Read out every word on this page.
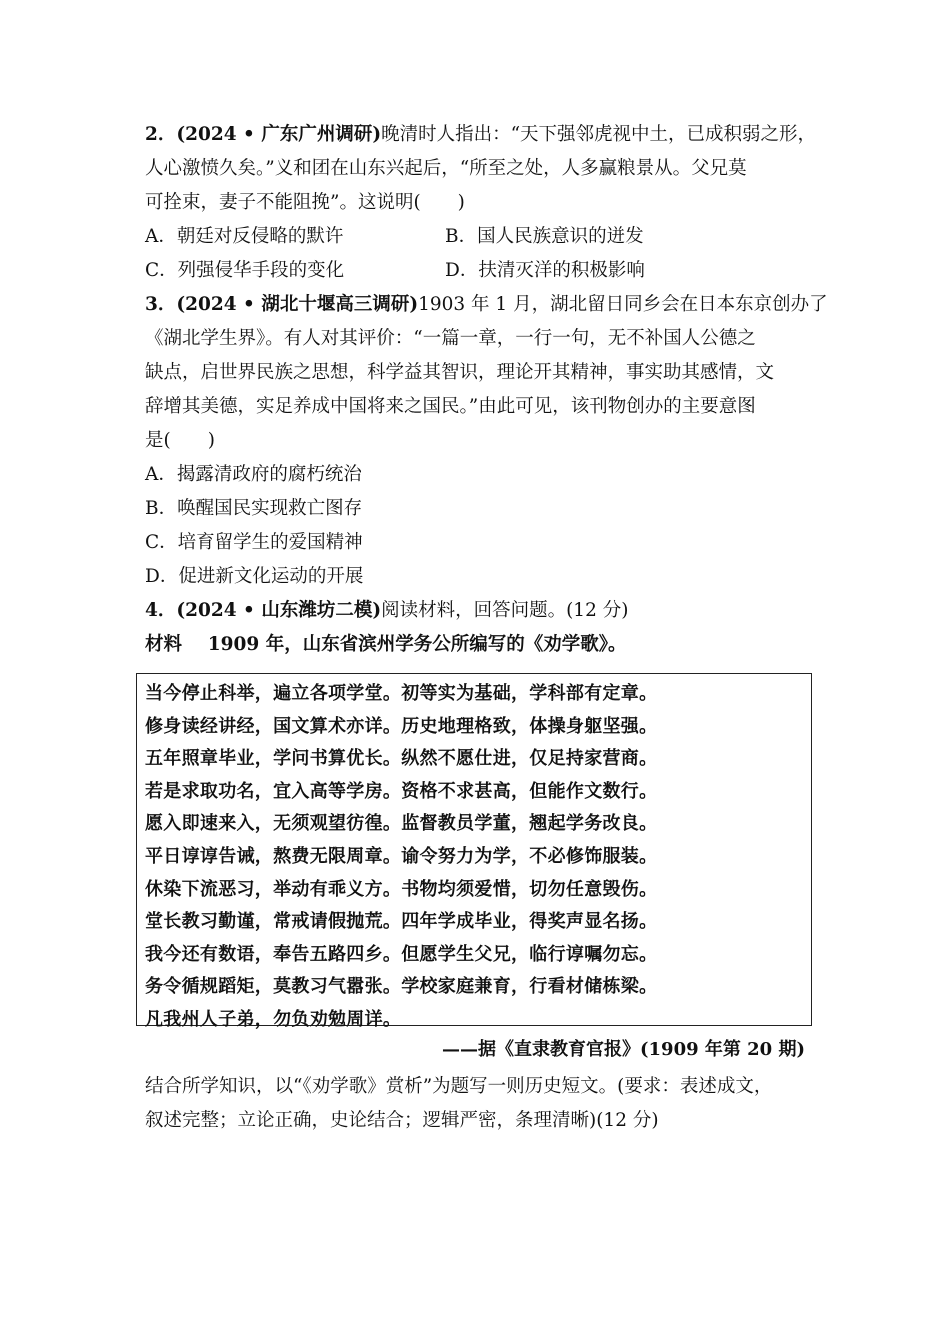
2．(2024 • 广东广州调研)晚清时人指出：“天下强邻虎视中土，已成积弱之形，
人心激愤久矣。”义和团在山东兴起后，“所至之处，人多赢粮景从。父兄莫
可拴束，妻子不能阻挽”。这说明(　　)
A．朝廷对反侵略的默许	B．国人民族意识的迸发
C．列强侵华手段的变化	D．扶清灭洋的积极影响
3．(2024 • 湖北十堰高三调研)1903 年 1 月，湖北留日同乡会在日本东京创办了
《湖北学生界》。有人对其评价：“一篇一章，一行一句，无不补国人公德之
缺点，启世界民族之思想，科学益其智识，理论开其精神，事实助其感情，文
辞增其美德，实足养成中国将来之国民。”由此可见，该刊物创办的主要意图
是(　　)
A．揭露清政府的腐朽统治
B．唤醒国民实现救亡图存
C．培育留学生的爱国精神
D．促进新文化运动的开展
4．(2024 • 山东潍坊二模)阅读材料，回答问题。(12 分)
材料 1909 年，山东省滨州学务公所编写的《劝学歌》。
当今停止科举，遍立各项学堂。初等实为基础，学科部有定章。
修身读经讲经，国文算术亦详。历史地理格致，体操身躯坚强。
五年照章毕业，学问书算优长。纵然不愿仕进，仅足持家营商。
若是求取功名，宜入高等学房。资格不求甚高，但能作文数行。
愿入即速来入，无须观望彷徨。监督教员学董，翘起学务改良。
平日谆谆告诫，熬费无限周章。谕令努力为学，不必修饰服装。
休染下流恶习，举动有乖义方。书物均须爱惜，切勿任意毁伤。
堂长教习勤谨，常戒请假抛荒。四年学成毕业，得奖声显名扬。
我今还有数语，奉告五路四乡。但愿学生父兄，临行谆嘱勿忘。
务令循规蹈矩，莫教习气嚣张。学校家庭兼育，行看材储栋梁。
凡我州人子弟，勿负劝勉周详。
——据《直隶教育官报》(1909 年第 20 期)
结合所学知识，以“《劝学歌》赏析”为题写一则历史短文。(要求：表述成文，
叙述完整；立论正确，史论结合；逻辑严密，条理清晰)(12 分)
